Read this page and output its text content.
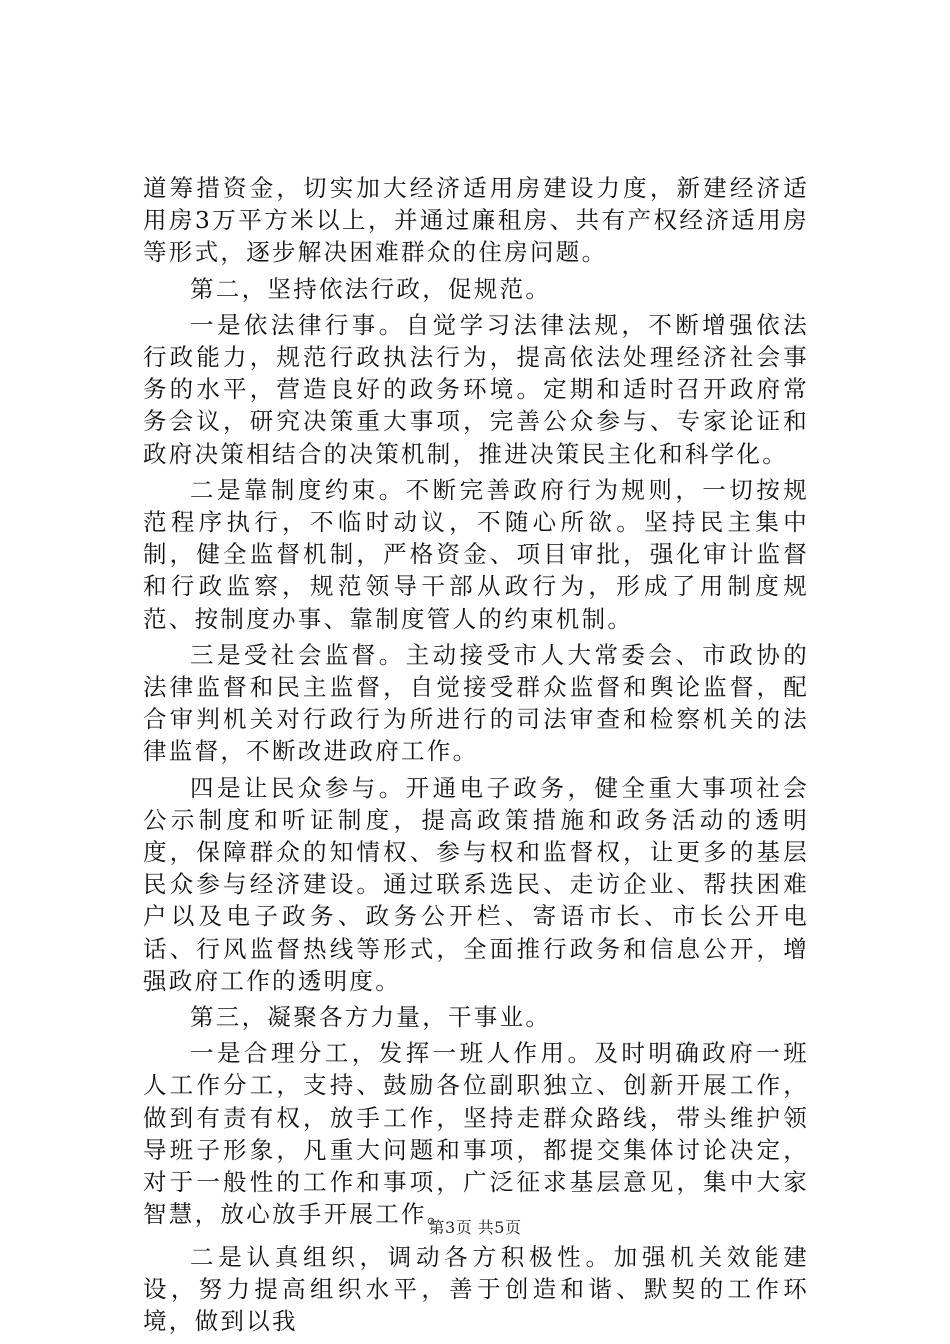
道筹措资金，切实加大经济适用房建设力度，新建经济适用房3万平方米以上，并通过廉租房、共有产权经济适用房等形式，逐步解决困难群众的住房问题。

第二，坚持依法行政，促规范。

一是依法律行事。自觉学习法律法规，不断增强依法行政能力，规范行政执法行为，提高依法处理经济社会事务的水平，营造良好的政务环境。定期和适时召开政府常务会议，研究决策重大事项，完善公众参与、专家论证和政府决策相结合的决策机制，推进决策民主化和科学化。

二是靠制度约束。不断完善政府行为规则，一切按规范程序执行，不临时动议，不随心所欲。坚持民主集中制，健全监督机制，严格资金、项目审批，强化审计监督和行政监察，规范领导干部从政行为，形成了用制度规范、按制度办事、靠制度管人的约束机制。

三是受社会监督。主动接受市人大常委会、市政协的法律监督和民主监督，自觉接受群众监督和舆论监督，配合审判机关对行政行为所进行的司法审查和检察机关的法律监督，不断改进政府工作。

四是让民众参与。开通电子政务，健全重大事项社会公示制度和听证制度，提高政策措施和政务活动的透明度，保障群众的知情权、参与权和监督权，让更多的基层民众参与经济建设。通过联系选民、走访企业、帮扶困难户以及电子政务、政务公开栏、寄语市长、市长公开电话、行风监督热线等形式，全面推行政务和信息公开，增强政府工作的透明度。

第三，凝聚各方力量，干事业。

一是合理分工，发挥一班人作用。及时明确政府一班人工作分工，支持、鼓励各位副职独立、创新开展工作，做到有责有权，放手工作，坚持走群众路线，带头维护领导班子形象，凡重大问题和事项，都提交集体讨论决定，对于一般性的工作和事项，广泛征求基层意见，集中大家智慧，放心放手开展工作。

二是认真组织，调动各方积极性。加强机关效能建设，努力提高组织水平，善于创造和谐、默契的工作环境，做到以我

第3页 共5页
